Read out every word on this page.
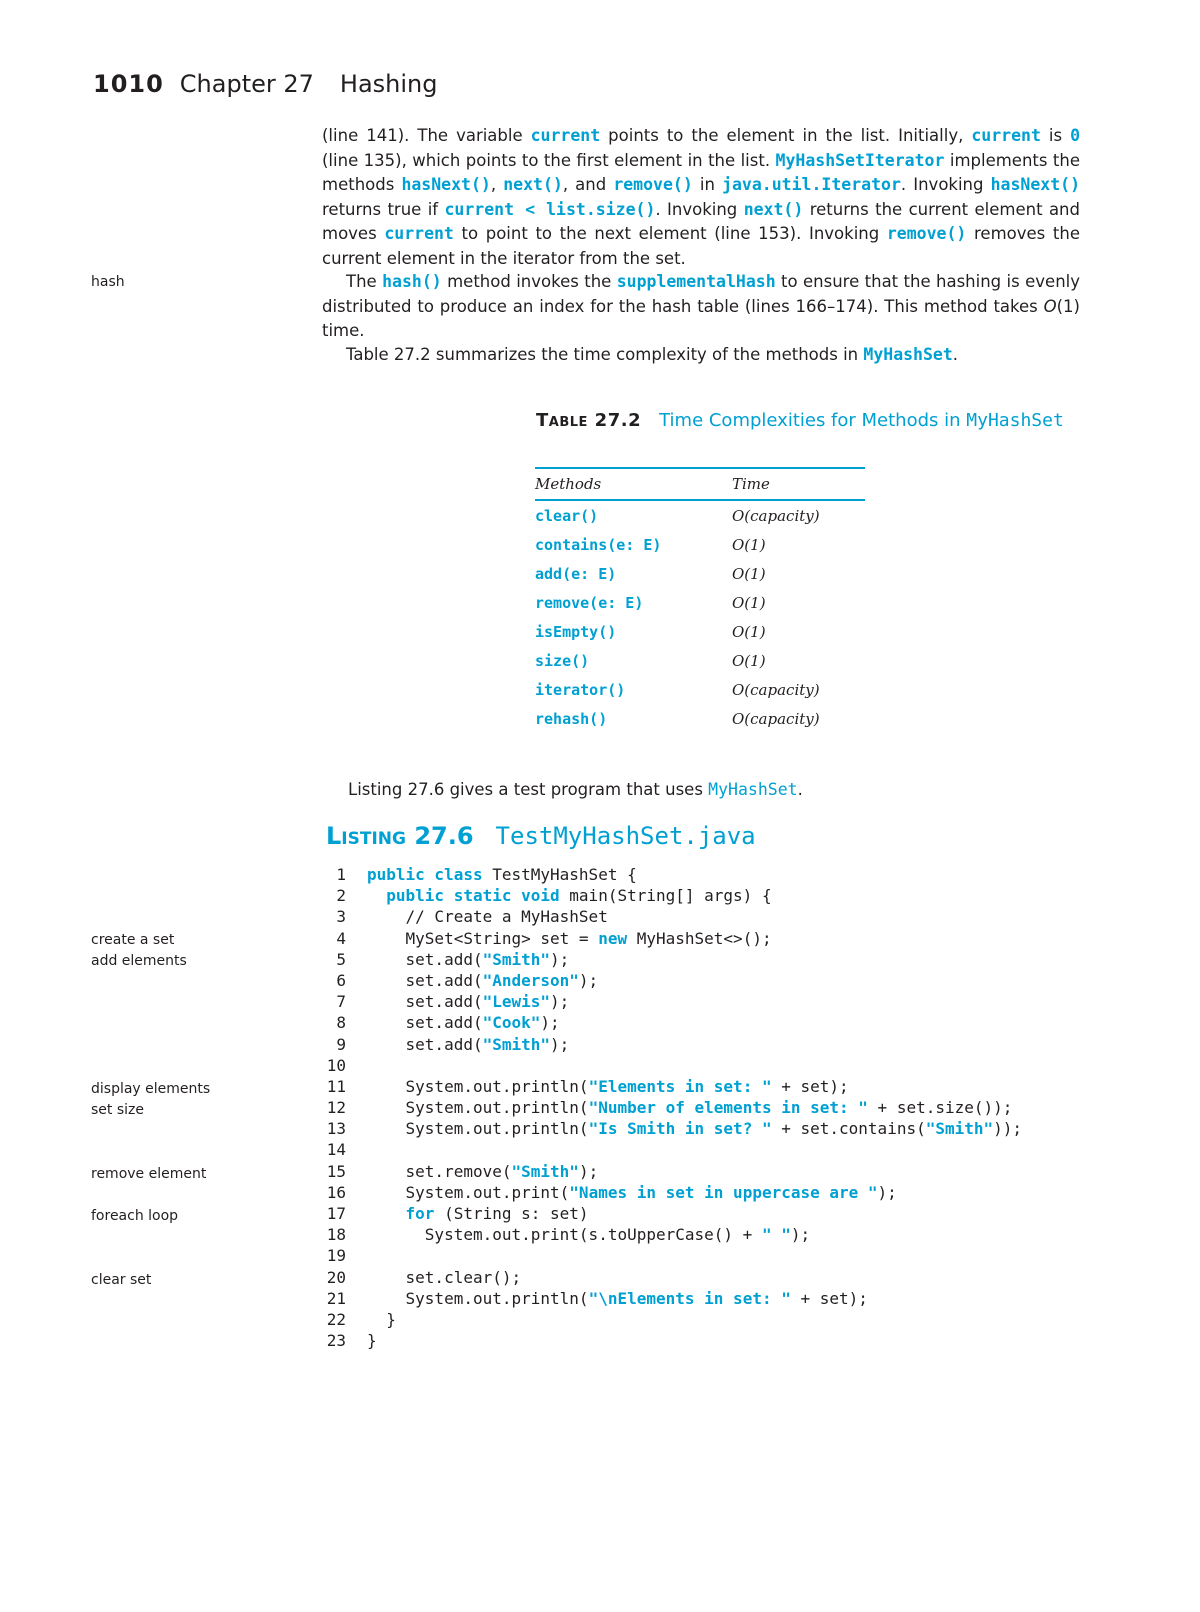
1010 Chapter 27 Hashing

(line 141). The variable current points to the element in the list. Initially, current is 0 (line 135), which points to the first element in the list. MyHashSetIterator implements the methods hasNext(), next(), and remove() in java.util.Iterator. Invoking hasNext() returns true if current < list.size(). Invoking next() returns the current element and moves current to point to the next element (line 153). Invoking remove() removes the current element in the iterator from the set.

The hash() method invokes the supplementalHash to ensure that the hashing is evenly distributed to produce an index for the hash table (lines 166–174). This method takes O(1) time.

Table 27.2 summarizes the time complexity of the methods in MyHashSet.

hash
create a set
add elements
display elements
set size
remove element
foreach loop
clear set
Table 27.2 Time Complexities for Methods in MyHashSet
Methods	Time
clear()	O(capacity)
contains(e: E)	O(1)
add(e: E)	O(1)
remove(e: E)	O(1)
isEmpty()	O(1)
size()	O(1)
iterator()	O(capacity)
rehash()	O(capacity)
Listing 27.6 gives a test program that uses MyHashSet.
Listing 27.6 TestMyHashSet.java
1 public class TestMyHashSet {
2	public static void main(String[] args) {
3	// Create a MyHashSet
4    MySet<String> set = new MyHashSet<>();
5    set.add("Smith");
6    set.add("Anderson");
7    set.add("Lewis");
8    set.add("Cook");
9    set.add("Smith");
10
11    System.out.println("Elements in set: " + set);
12    System.out.println("Number of elements in set: " + set.size());
13    System.out.println("Is Smith in set? " + set.contains("Smith"));
14
15    set.remove("Smith");
16    System.out.print("Names in set in uppercase are ");
17	for (String s: set)
18      System.out.print(s.toUpperCase() + " ");
19
20    set.clear();
21    System.out.println("\nElements in set: " + set);
22  }
23 }
